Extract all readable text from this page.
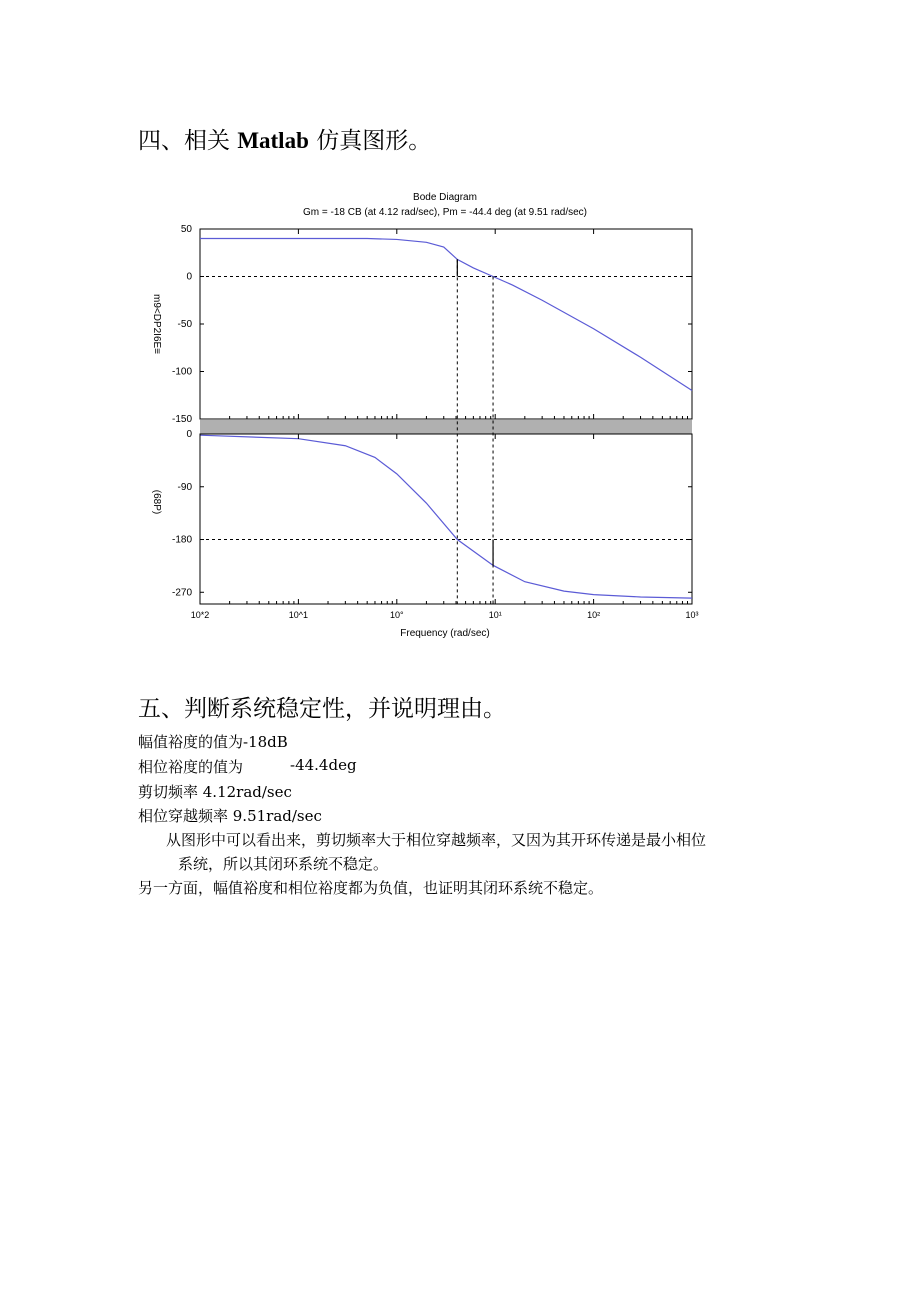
四、相关 Matlab 仿真图形。
Bode Diagram
Gm = -18 CB (at 4.12 rad/sec), Pm = -44.4 deg (at 9.51 rad/sec)
50
0
-50
-100
-150
m9<DP2I6E≡
0
-90
-180
-270
(68P)
10*2	10^1	10°	10¹	10²	10³
Frequency (rad/sec)
五、判断系统稳定性，并说明理由。

幅值裕度的值为-18dB

相位裕度的值为	-44.4deg

剪切频率 4.12rad∕sec

相位穿越频率 9.51rad/sec

从图形中可以看出来，剪切频率大于相位穿越频率，又因为其开环传递是最小相位

系统，所以其闭环系统不稳定。

另一方面，幅值裕度和相位裕度都为负值，也证明其闭环系统不稳定。
